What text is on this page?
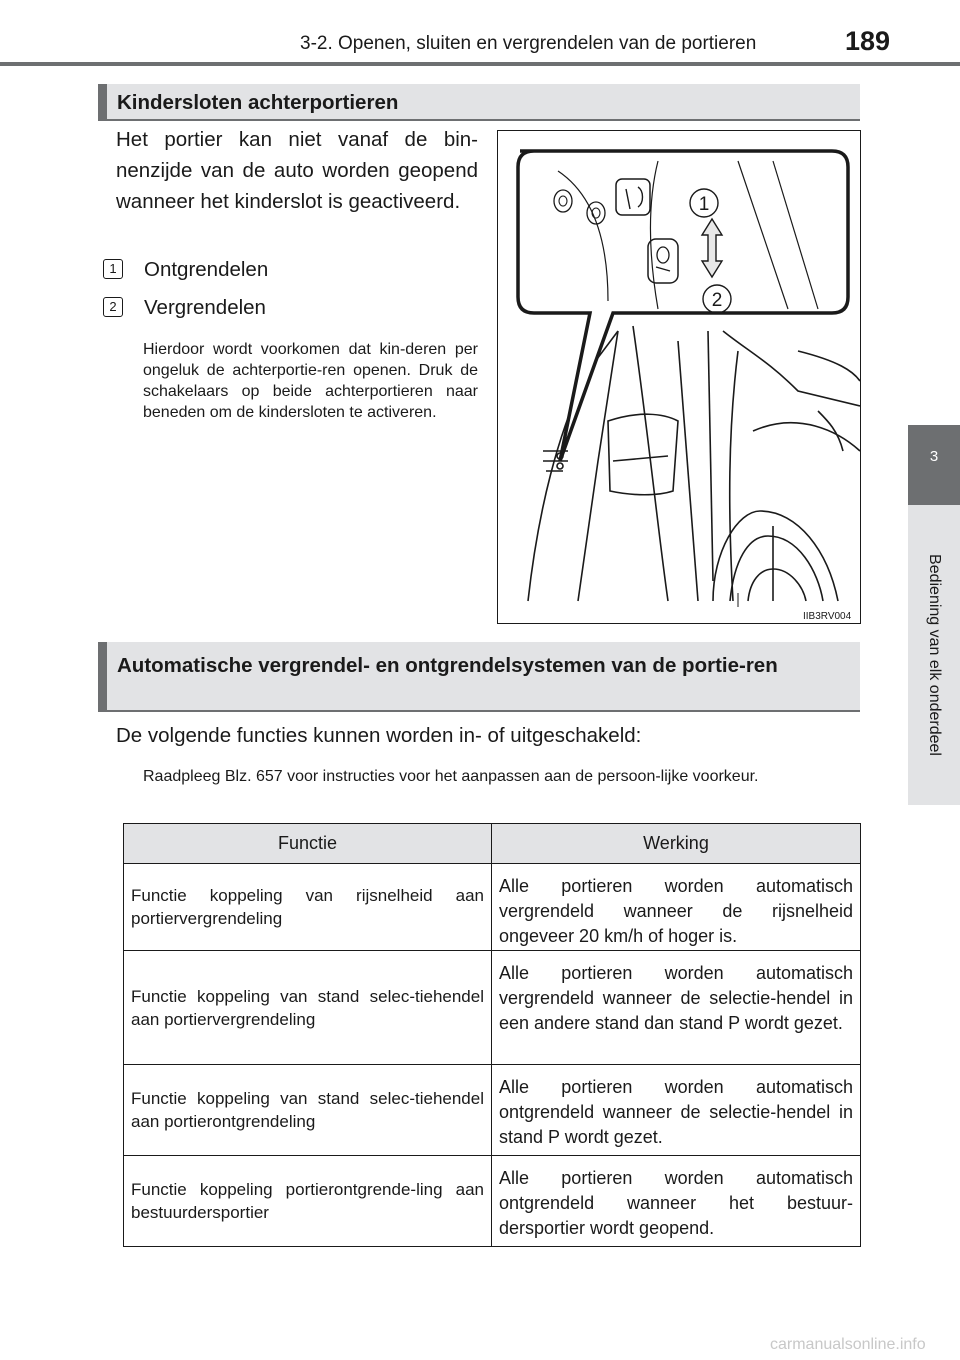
3-2. Openen, sluiten en vergrendelen van de portieren	189
3
Bediening van elk onderdeel
Kindersloten achterportieren
Het portier kan niet vanaf de bin-nenzijde van de auto worden geopend wanneer het kinderslot is geactiveerd.
1 Ontgrendelen
2 Vergrendelen
Hierdoor wordt voorkomen dat kin-deren per ongeluk de achterportie-ren openen. Druk de schakelaars op beide achterportieren naar beneden om de kindersloten te activeren.
1
2
IIB3RV004
Automatische vergrendel- en ontgrendelsystemen van de portie-ren
De volgende functies kunnen worden in- of uitgeschakeld:
Raadpleeg Blz. 657 voor instructies voor het aanpassen aan de persoon-lijke voorkeur.
Functie	Werking
Functie koppeling van rijsnelheid aan portiervergrendeling	Alle portieren worden automatisch vergrendeld wanneer de rijsnelheid ongeveer 20 km/h of hoger is.
Functie koppeling van stand selec-tiehendel aan portiervergrendeling	Alle portieren worden automatisch vergrendeld wanneer de selectie-hendel in een andere stand dan stand P wordt gezet.
Functie koppeling van stand selec-tiehendel aan portierontgrendeling	Alle portieren worden automatisch ontgrendeld wanneer de selectie-hendel in stand P wordt gezet.
Functie koppeling portierontgrende-ling aan bestuurdersportier	Alle portieren worden automatisch ontgrendeld wanneer het bestuur-dersportier wordt geopend.
carmanualsonline.info
